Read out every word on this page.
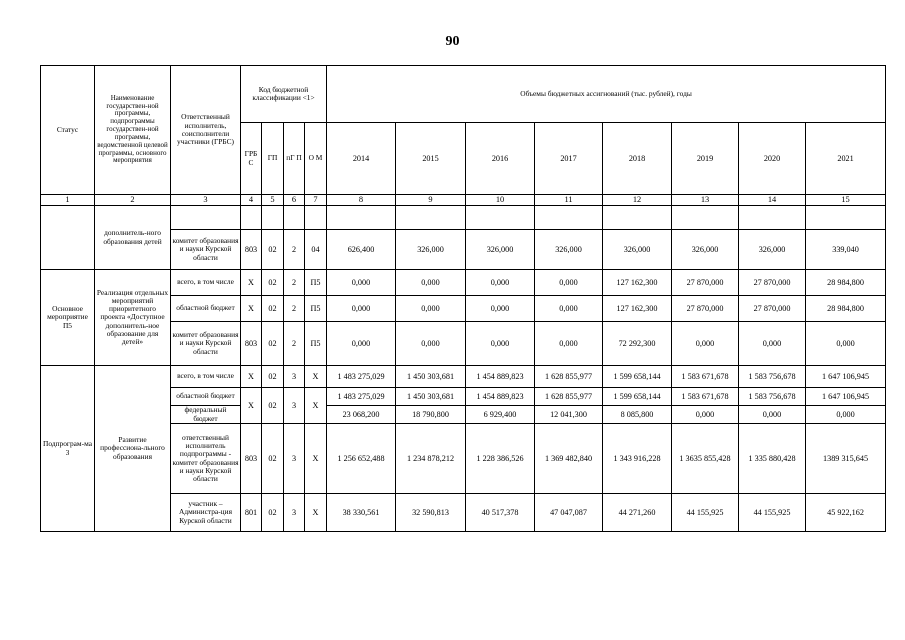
90
Статус	Наименование государствен-ной программы, подпрограммы государствен-ной программы, ведомственной целевой программы, основного мероприятия	Ответственный исполнитель, соисполнители участники (ГРБС)	Код бюджетной классификации <1>				Объемы бюджетных ассигнований (тыс. рублей), годы							
			ГРБ С	ГП	пГ П	О М	2014	2015	2016	2017	2018	2019	2020	2021
1	2	3	4	5	6	7	8	9	10	11	12	13	14	15
	дополнитель-ного образования детей													
		комитет образования и науки Курской области	803	02	2	04	626,400	326,000	326,000	326,000	326,000	326,000	326,000	339,040
Основное мероприятие П5	Реализация отдельных мероприятий приоритетного проекта «Доступное дополнитель-ное образование для детей»	всего, в том числе	Х	02	2	П5	0,000	0,000	0,000	0,000	127 162,300	27 870,000	27 870,000	28 984,800
		областной бюджет	Х	02	2	П5	0,000	0,000	0,000	0,000	127 162,300	27 870,000	27 870,000	28 984,800
		комитет образования и науки Курской области	803	02	2	П5	0,000	0,000	0,000	0,000	72 292,300	0,000	0,000	0,000
Подпрограм-ма 3	Развитие профессиона-льного образования	всего, в том числе	Х	02	3	Х	1 483 275,029	1 450 303,681	1 454 889,823	1 628 855,977	1 599 658,144	1 583 671,678	1 583 756,678	1 647 106,945
		областной бюджет	Х	02	3	Х	1 483 275,029	1 450 303,681	1 454 889,823	1 628 855,977	1 599 658,144	1 583 671,678	1 583 756,678	1 647 106,945
		федеральный бюджет					23 068,200	18 790,800	6 929,400	12 041,300	8 085,800	0,000	0,000	0,000
		ответственный исполнитель подпрограммы - комитет образования и науки Курской области	803	02	3	Х	1 256 652,488	1 234 878,212	1 228 386,526	1 369 482,840	1 343 916,228	1 3635 855,428	1 335 880,428	1389 315,645
		участник – Администра-ция Курской области	801	02	3	Х	38 330,561	32 590,813	40 517,378	47 047,087	44 271,260	44 155,925	44 155,925	45 922,162
